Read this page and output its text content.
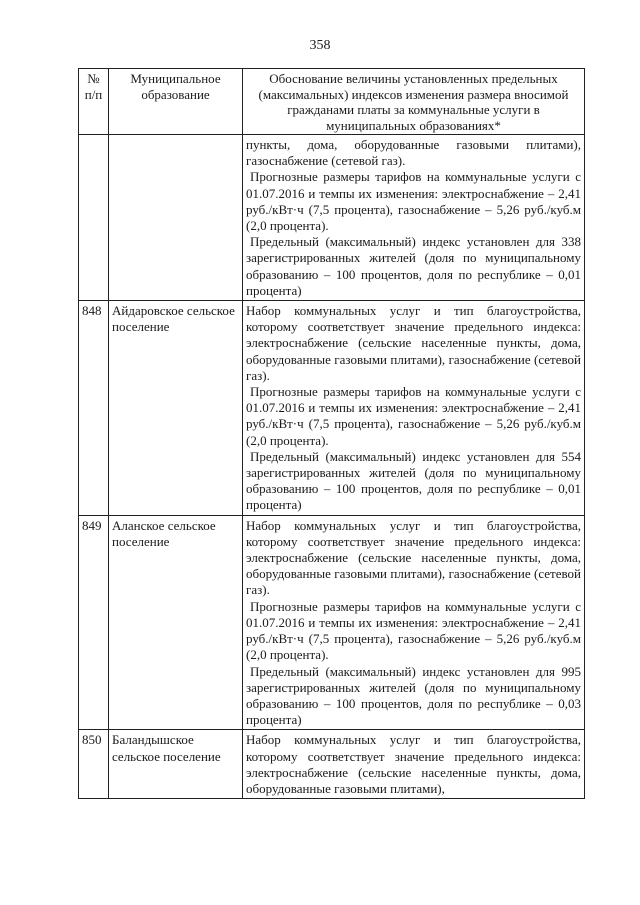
358
№ п/п	Муниципальное образование	Обоснование величины установленных предельных (максимальных) индексов изменения размера вносимой гражданами платы за коммунальные услуги в муниципальных образованиях*

		пункты, дома, оборудованные газовыми плитами), газоснабжение (сетевой газ).

Прогнозные размеры тарифов на коммунальные услуги с 01.07.2016 и темпы их изменения: электроснабжение – 2,41 руб./кВт·ч (7,5 процента), газоснабжение – 5,26 руб./куб.м (2,0 процента).

Предельный (максимальный) индекс установлен для 338 зарегистрированных жителей (доля по муниципальному образованию – 100 процентов, доля по республике – 0,01 процента)

848	Айдаровское сельское поселение	Набор коммунальных услуг и тип благоустройства, которому соответствует значение предельного индекса: электроснабжение (сельские населенные пункты, дома, оборудованные газовыми плитами), газоснабжение (сетевой газ).

Прогнозные размеры тарифов на коммунальные услуги с 01.07.2016 и темпы их изменения: электроснабжение – 2,41 руб./кВт·ч (7,5 процента), газоснабжение – 5,26 руб./куб.м (2,0 процента).

Предельный (максимальный) индекс установлен для 554 зарегистрированных жителей (доля по муниципальному образованию – 100 процентов, доля по республике – 0,01 процента)

849	Аланское сельское поселение	Набор коммунальных услуг и тип благоустройства, которому соответствует значение предельного индекса: электроснабжение (сельские населенные пункты, дома, оборудованные газовыми плитами), газоснабжение (сетевой газ).

Прогнозные размеры тарифов на коммунальные услуги с 01.07.2016 и темпы их изменения: электроснабжение – 2,41 руб./кВт·ч (7,5 процента), газоснабжение – 5,26 руб./куб.м (2,0 процента).

Предельный (максимальный) индекс установлен для 995 зарегистрированных жителей (доля по муниципальному образованию – 100 процентов, доля по республике – 0,03 процента)

850	Баландышское сельское поселение	Набор коммунальных услуг и тип благоустройства, которому соответствует значение предельного индекса: электроснабжение (сельские населенные пункты, дома, оборудованные газовыми плитами),
